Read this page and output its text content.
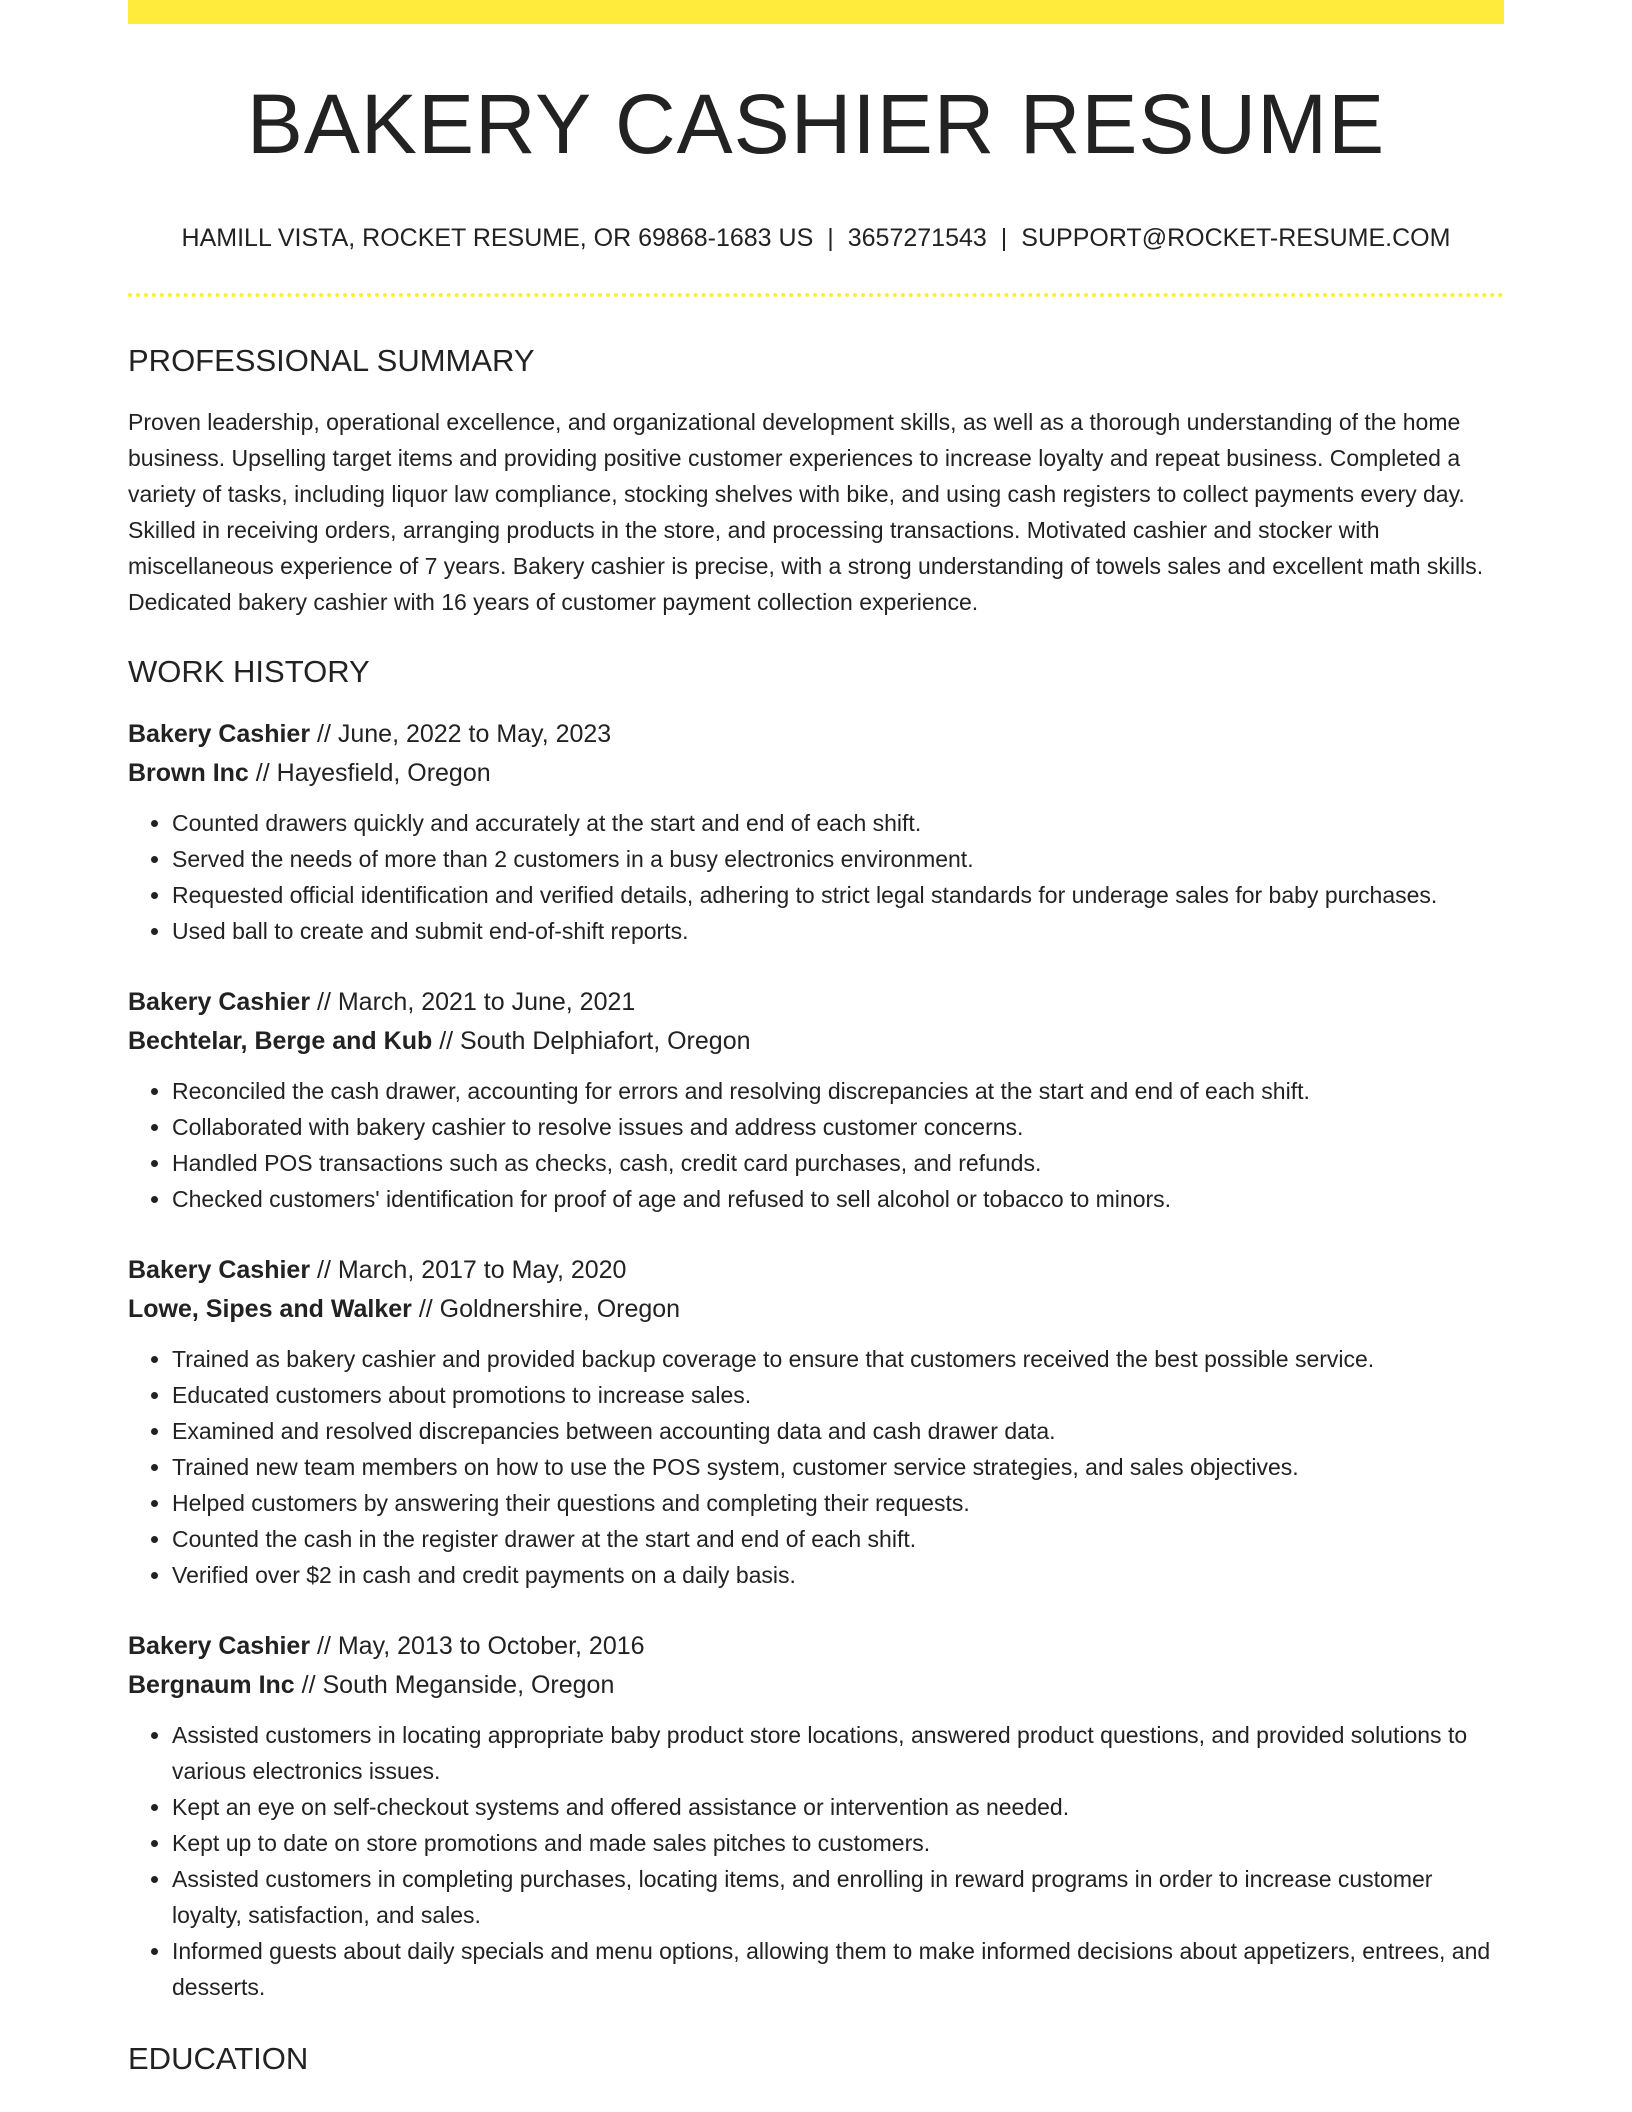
BAKERY CASHIER RESUME
HAMILL VISTA, ROCKET RESUME, OR 69868-1683 US | 3657271543 | SUPPORT@ROCKET-RESUME.COM
PROFESSIONAL SUMMARY

Proven leadership, operational excellence, and organizational development skills, as well as a thorough understanding of the home business. Upselling target items and providing positive customer experiences to increase loyalty and repeat business. Completed a variety of tasks, including liquor law compliance, stocking shelves with bike, and using cash registers to collect payments every day. Skilled in receiving orders, arranging products in the store, and processing transactions. Motivated cashier and stocker with miscellaneous experience of 7 years. Bakery cashier is precise, with a strong understanding of towels sales and excellent math skills. Dedicated bakery cashier with 16 years of customer payment collection experience.

WORK HISTORY
Bakery Cashier // June, 2022 to May, 2023
Brown Inc // Hayesfield, Oregon
• Counted drawers quickly and accurately at the start and end of each shift.
• Served the needs of more than 2 customers in a busy electronics environment.
• Requested official identification and verified details, adhering to strict legal standards for underage sales for baby purchases.
• Used ball to create and submit end-of-shift reports.
Bakery Cashier // March, 2021 to June, 2021
Bechtelar, Berge and Kub // South Delphiafort, Oregon
• Reconciled the cash drawer, accounting for errors and resolving discrepancies at the start and end of each shift.
• Collaborated with bakery cashier to resolve issues and address customer concerns.
• Handled POS transactions such as checks, cash, credit card purchases, and refunds.
• Checked customers' identification for proof of age and refused to sell alcohol or tobacco to minors.
Bakery Cashier // March, 2017 to May, 2020
Lowe, Sipes and Walker // Goldnershire, Oregon
• Trained as bakery cashier and provided backup coverage to ensure that customers received the best possible service.
• Educated customers about promotions to increase sales.
• Examined and resolved discrepancies between accounting data and cash drawer data.
• Trained new team members on how to use the POS system, customer service strategies, and sales objectives.
• Helped customers by answering their questions and completing their requests.
• Counted the cash in the register drawer at the start and end of each shift.
• Verified over $2 in cash and credit payments on a daily basis.
Bakery Cashier // May, 2013 to October, 2016
Bergnaum Inc // South Meganside, Oregon
• Assisted customers in locating appropriate baby product store locations, answered product questions, and provided solutions to various electronics issues.
• Kept an eye on self-checkout systems and offered assistance or intervention as needed.
• Kept up to date on store promotions and made sales pitches to customers.
• Assisted customers in completing purchases, locating items, and enrolling in reward programs in order to increase customer loyalty, satisfaction, and sales.
• Informed guests about daily specials and menu options, allowing them to make informed decisions about appetizers, entrees, and desserts.
EDUCATION
